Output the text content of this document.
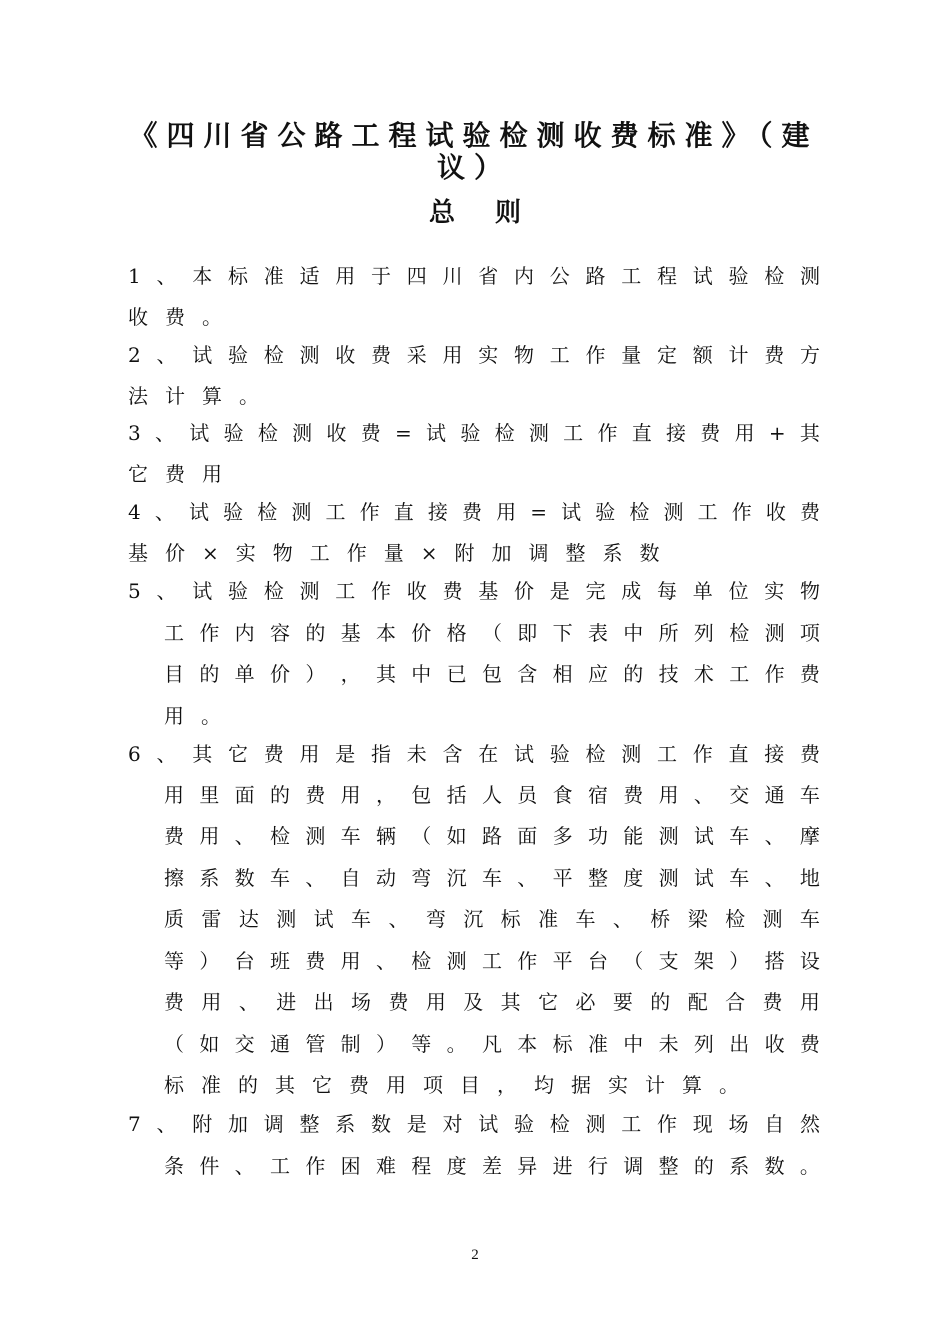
《四川省公路工程试验检测收费标准》（建
议）
总则
1 、 本 标 准 适 用 于 四 川 省 内 公 路 工 程 试 验 检 测
收 费 。
2 、 试 验 检 测 收 费 采 用 实 物 工 作 量 定 额 计 费 方
法 计 算 。
3 、 试 验 检 测 收 费 = 试 验 检 测 工 作 直 接 费 用 + 其
它 费 用
4 、 试 验 检 测 工 作 直 接 费 用 = 试 验 检 测 工 作 收 费
基 价 × 实 物 工 作 量 × 附 加 调 整 系 数
5 、 试 验 检 测 工 作 收 费 基 价 是 完 成 每 单 位 实 物
工 作 内 容 的 基 本 价 格 （ 即 下 表 中 所 列 检 测 项
目 的 单 价 ） ， 其 中 已 包 含 相 应 的 技 术 工 作 费
用 。
6 、 其 它 费 用 是 指 未 含 在 试 验 检 测 工 作 直 接 费
用 里 面 的 费 用 ， 包 括 人 员 食 宿 费 用 、 交 通 车
费 用 、 检 测 车 辆 （ 如 路 面 多 功 能 测 试 车 、 摩
擦 系 数 车 、 自 动 弯 沉 车 、 平 整 度 测 试 车 、 地
质 雷 达 测 试 车 、 弯 沉 标 准 车 、 桥 梁 检 测 车
等 ） 台 班 费 用 、 检 测 工 作 平 台 （ 支 架 ） 搭 设
费 用 、 进 出 场 费 用 及 其 它 必 要 的 配 合 费 用
（ 如 交 通 管 制 ） 等 。 凡 本 标 准 中 未 列 出 收 费
标 准 的 其 它 费 用 项 目 ， 均 据 实 计 算 。
7 、 附 加 调 整 系 数 是 对 试 验 检 测 工 作 现 场 自 然
条 件 、 工 作 困 难 程 度 差 异 进 行 调 整 的 系 数 。
2
